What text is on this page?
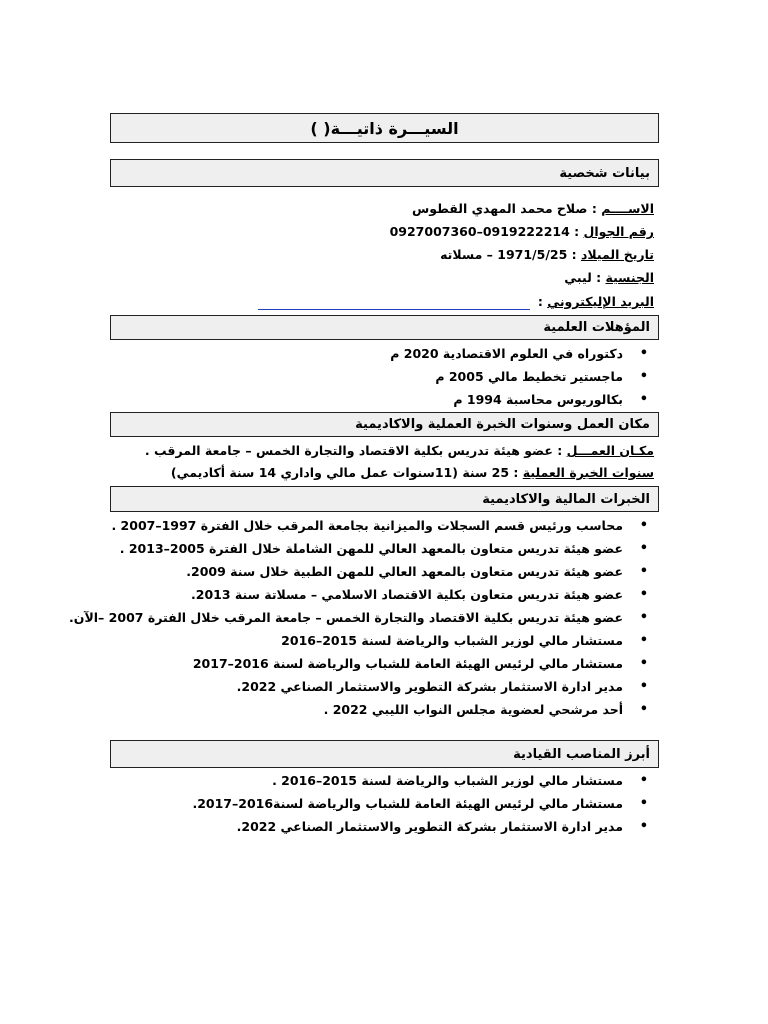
السيـــرة ذاتيـــة( )
بيانات شخصية
الاســــم : صلاح محمد المهدي القطوس
رقم الجوال : 0919222214–0927007360
تاريخ الميلاد : 1971/5/25 – مسلاته
الجنسية : ليبي
البريد الإليكتروني :
المؤهلات العلمية
• دكتوراه في العلوم الاقتصادية 2020 م
• ماجستير تخطيط مالي 2005 م
• بكالوريوس محاسبة 1994 م
مكان العمل وسنوات الخبرة العملية والاكاديمية
مكـان العمـــل : عضو هيئة تدريس بكلية الاقتصاد والتجارة الخمس – جامعة المرقب .
سنوات الخبرة العملية : 25 سنة (11سنوات عمل مالي واداري 14 سنة أكاديمي)
الخبرات المالية والاكاديمية
• محاسب ورئيس قسم السجلات والميزانية بجامعة المرقب خلال الفترة 1997–2007 .
• عضو هيئة تدريس متعاون بالمعهد العالي للمهن الشاملة خلال الفترة 2005–2013 .
• عضو هيئة تدريس متعاون بالمعهد العالي للمهن الطبية خلال سنة 2009.
• عضو هيئة تدريس متعاون بكلية الاقتصاد الاسلامي – مسلاتة سنة 2013.
• عضو هيئة تدريس بكلية الاقتصاد والتجارة الخمس – جامعة المرقب خلال الفترة 2007 –الآن.
• مستشار مالي لوزير الشباب والرياضة لسنة 2015–2016
• مستشار مالي لرئيس الهيئة العامة للشباب والرياضة لسنة 2016–2017
• مدير ادارة الاستثمار بشركة التطوير والاستثمار الصناعي 2022.
• أحد مرشحي لعضوية مجلس النواب الليبي 2022 .
أبرز المناصب القيادية
• مستشار مالي لوزير الشباب والرياضة لسنة 2015–2016 .
• مستشار مالي لرئيس الهيئة العامة للشباب والرياضة لسنة2016–2017.
• مدير ادارة الاستثمار بشركة التطوير والاستثمار الصناعي 2022.
